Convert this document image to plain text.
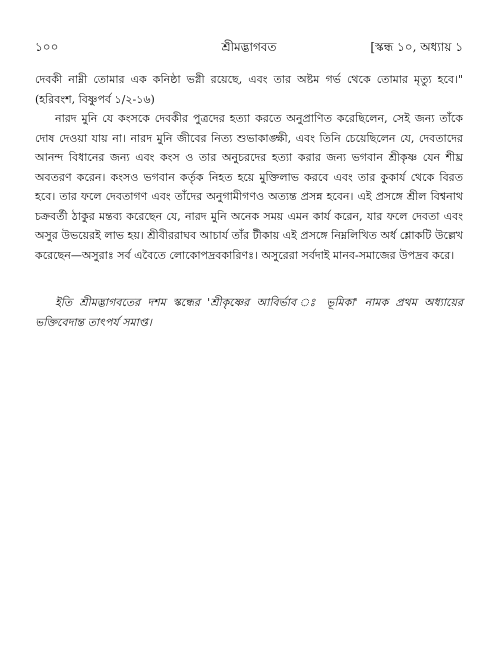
১০০	শ্রীমদ্ভাগবত	[স্কন্ধ ১০, অধ্যায় ১

দেবকী নাম্নী তোমার এক কনিষ্ঠা ভগ্নী রয়েছে, এবং তার অষ্টম গর্ভ থেকে তোমার মৃত্যু হবে।" (হরিবংশ, বিষ্ণুপর্ব ১/২-১৬)

নারদ মুনি যে কংসকে দেবকীর পুত্রদের হত্যা করতে অনুপ্রাণিত করেছিলেন, সেই জন্য তাঁকে দোষ দেওয়া যায় না। নারদ মুনি জীবের নিত্য শুভাকাঙ্ক্ষী, এবং তিনি চেয়েছিলেন যে, দেবতাদের আনন্দ বিধানের জন্য এবং কংস ও তার অনুচরদের হত্যা করার জন্য ভগবান শ্রীকৃষ্ণ যেন শীঘ্র অবতরণ করেন। কংসও ভগবান কর্তৃক নিহত হয়ে মুক্তিলাভ করবে এবং তার কুকার্য থেকে বিরত হবে। তার ফলে দেবতাগণ এবং তাঁদের অনুগামীগণও অত্যন্ত প্রসন্ন হবেন। এই প্রসঙ্গে শ্রীল বিশ্বনাথ চক্রবর্তী ঠাকুর মন্তব্য করেছেন যে, নারদ মুনি অনেক সময় এমন কার্য করেন, যার ফলে দেবতা এবং অসুর উভয়েরই লাভ হয়। শ্রীবীররাঘব আচার্য তাঁর টীকায় এই প্রসঙ্গে নিম্নলিখিত অর্ধ শ্লোকটি উল্লেখ করেছেন—অসুরাঃ সর্ব এবৈতে লোকোপদ্রবকারিণঃ। অসুরেরা সর্বদাই মানব-সমাজের উপদ্রব করে।

ইতি শ্রীমদ্ভাগবতের দশম স্কন্ধের 'শ্রীকৃষ্ণের আবির্ভাব ঃ ভূমিকা' নামক প্রথম অধ্যায়ের ভক্তিবেদান্ত তাৎপর্য সমাপ্ত।
